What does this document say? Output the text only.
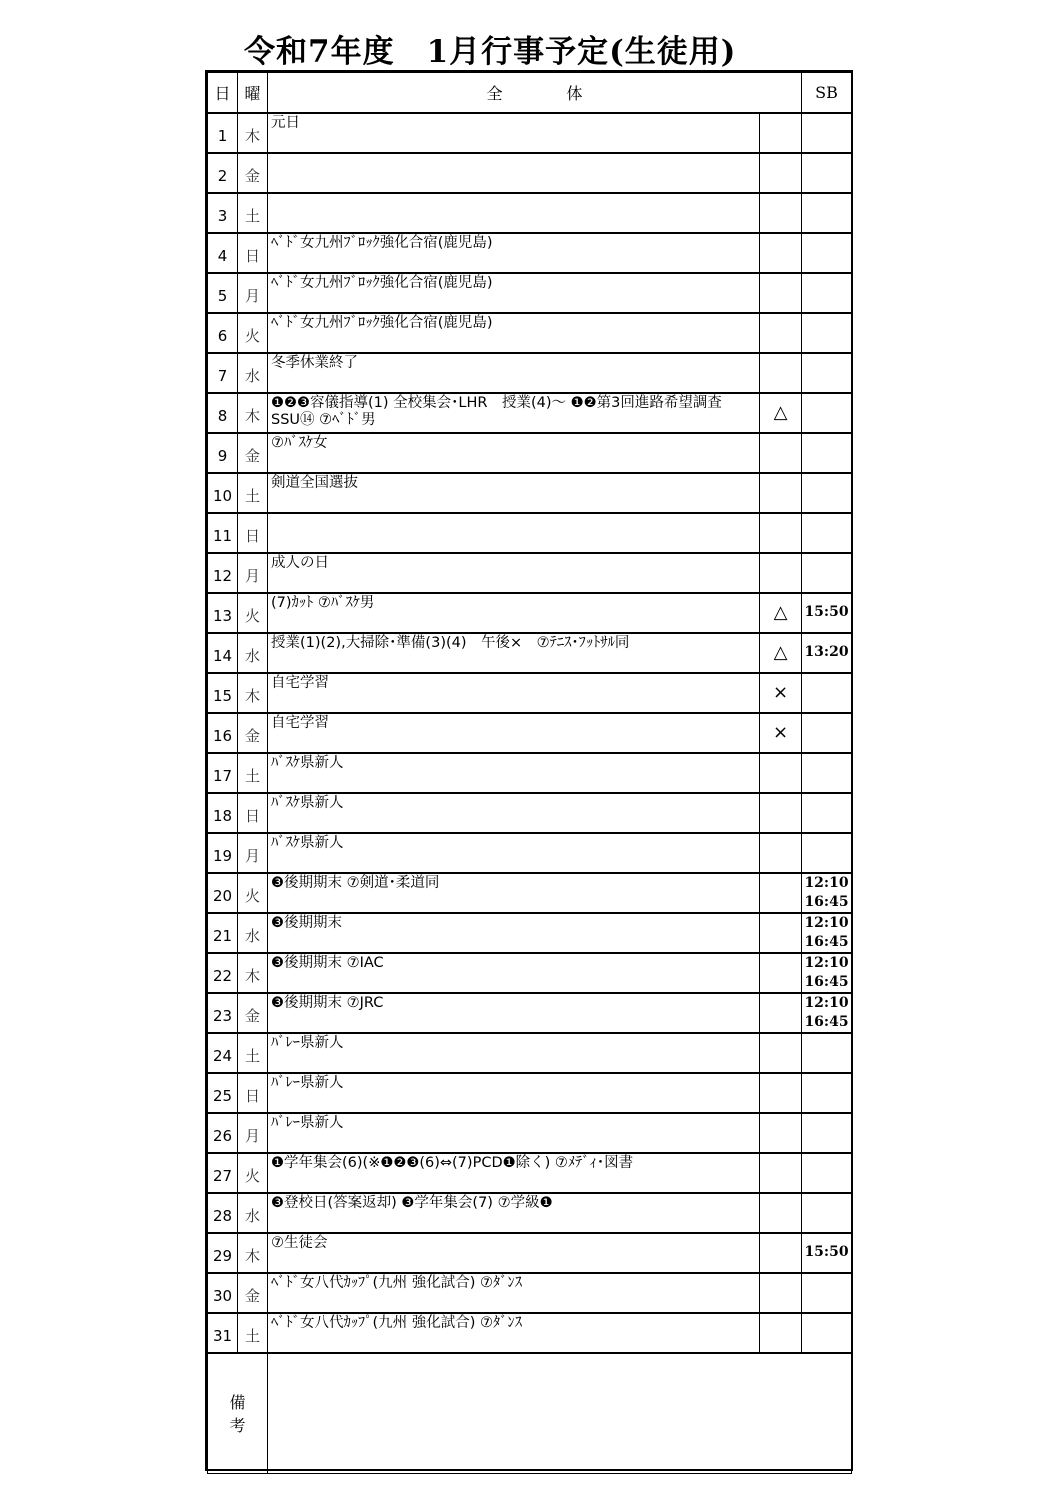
令和7年度　1月行事予定(生徒用)
日	曜	全　　　　体		SB
1	木	元日		
2	金			
3	土			
4	日	ﾍﾞﾄﾞ女九州ﾌﾞﾛｯｸ強化合宿(鹿児島)		
5	月	ﾍﾞﾄﾞ女九州ﾌﾞﾛｯｸ強化合宿(鹿児島)		
6	火	ﾍﾞﾄﾞ女九州ﾌﾞﾛｯｸ強化合宿(鹿児島)		
7	水	冬季休業終了		
8	木	❶❷❸容儀指導(1) 全校集会･LHR　授業(4)～ ❶❷第3回進路希望調査 SSU⑭ ⑦ﾍﾞﾄﾞ男	△	
9	金	⑦ﾊﾞｽｹ女		
10	土	剣道全国選抜		
11	日			
12	月	成人の日		
13	火	(7)ｶｯﾄ ⑦ﾊﾞｽｹ男	△	15:50
14	水	授業(1)(2),大掃除･準備(3)(4)　午後×　⑦ﾃﾆｽ･ﾌｯﾄｻﾙ同	△	13:20
15	木	自宅学習	×	
16	金	自宅学習	×	
17	土	ﾊﾞｽｹ県新人		
18	日	ﾊﾞｽｹ県新人		
19	月	ﾊﾞｽｹ県新人		
20	火	❸後期期末 ⑦剣道･柔道同		12:10
16:45
21	水	❸後期期末		12:10
16:45
22	木	❸後期期末 ⑦IAC		12:10
16:45
23	金	❸後期期末 ⑦JRC		12:10
16:45
24	土	ﾊﾞﾚｰ県新人		
25	日	ﾊﾞﾚｰ県新人		
26	月	ﾊﾞﾚｰ県新人		
27	火	❶学年集会(6)(※❶❷❸(6)⇔(7)PCD❶除く) ⑦ﾒﾃﾞｨ･図書		
28	水	❸登校日(答案返却) ❸学年集会(7) ⑦学級❶		
29	木	⑦生徒会		15:50
30	金	ﾍﾞﾄﾞ女八代ｶｯﾌﾟ(九州 強化試合) ⑦ﾀﾞﾝｽ		
31	土	ﾍﾞﾄﾞ女八代ｶｯﾌﾟ(九州 強化試合) ⑦ﾀﾞﾝｽ		
備 考				
